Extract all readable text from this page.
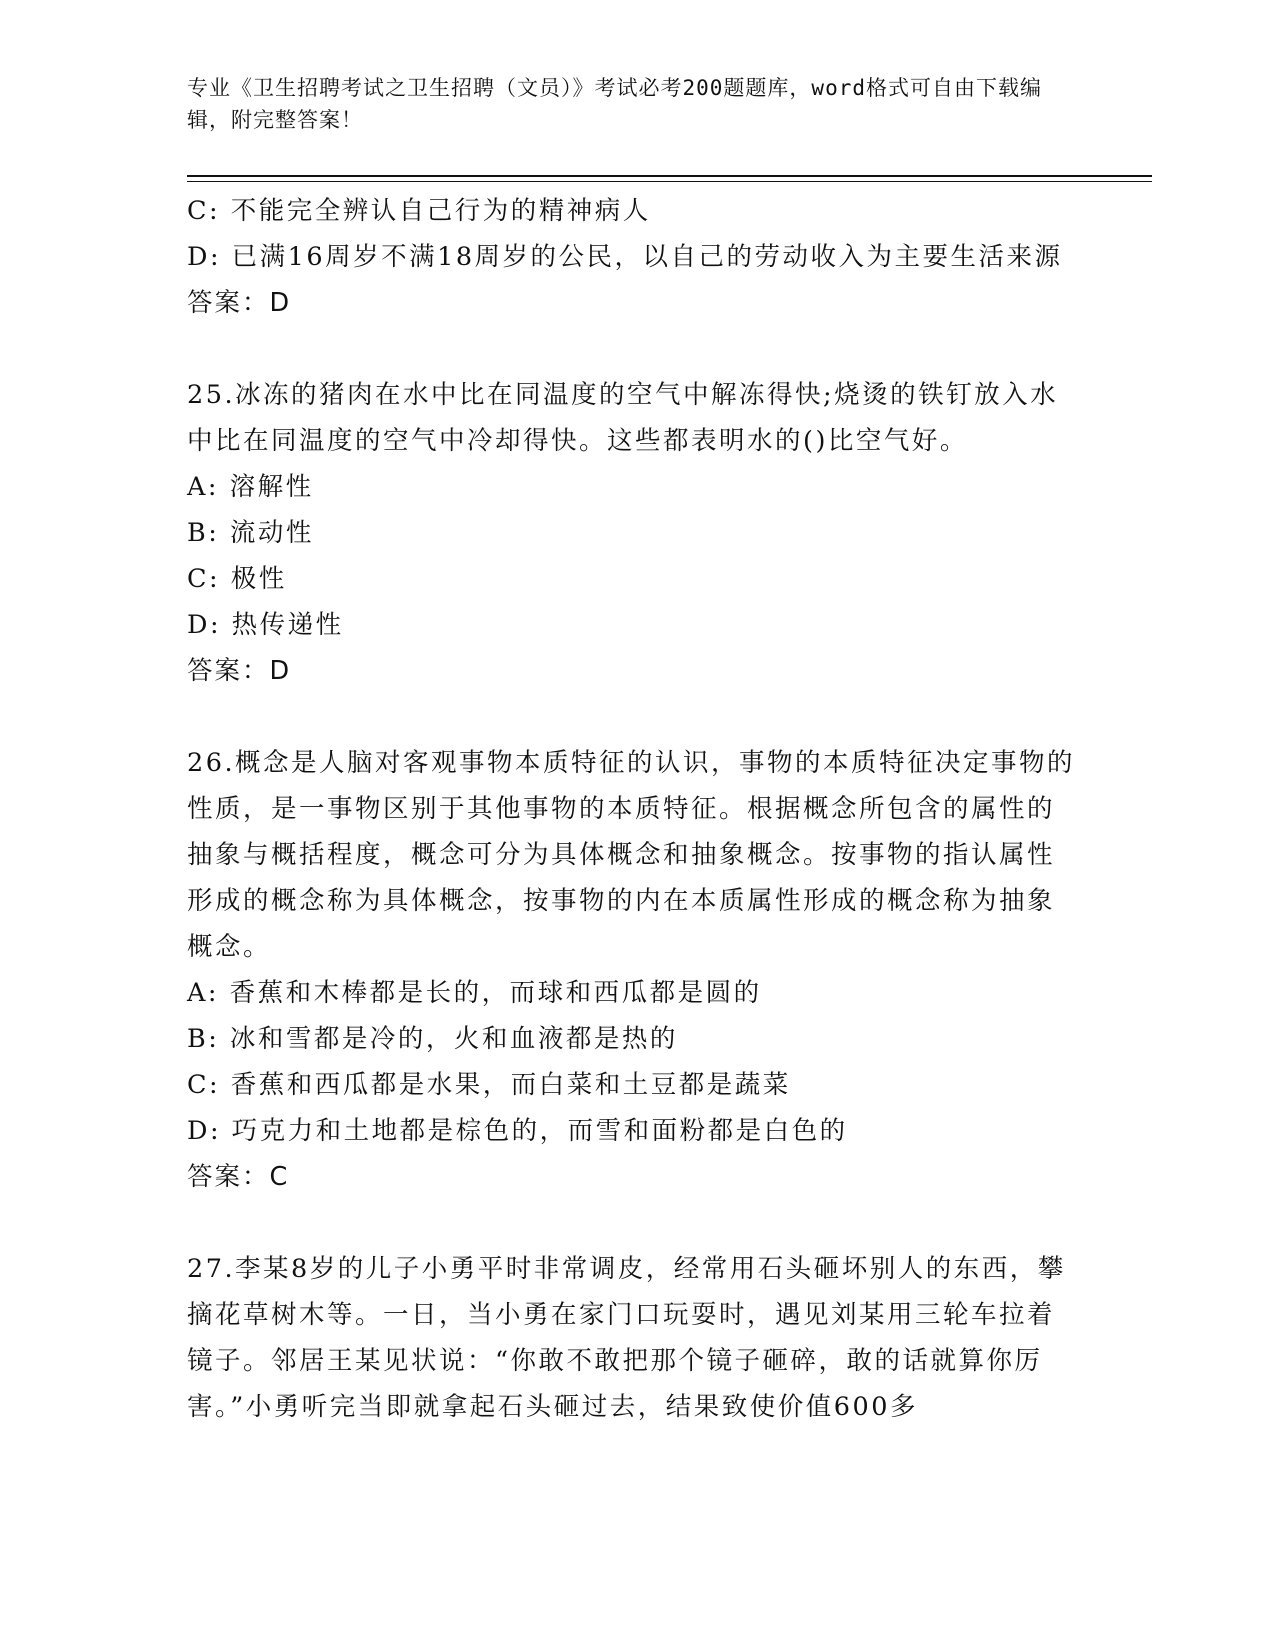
专业《卫生招聘考试之卫生招聘（文员）》考试必考200题题库，word格式可自由下载编辑，附完整答案！
C: 不能完全辨认自己行为的精神病人
D: 已满16周岁不满18周岁的公民，以自己的劳动收入为主要生活来源
答案：D
25.冰冻的猪肉在水中比在同温度的空气中解冻得快;烧烫的铁钉放入水中比在同温度的空气中冷却得快。这些都表明水的()比空气好。
A: 溶解性
B: 流动性
C: 极性
D: 热传递性
答案：D
26.概念是人脑对客观事物本质特征的认识，事物的本质特征决定事物的性质，是一事物区别于其他事物的本质特征。根据概念所包含的属性的抽象与概括程度，概念可分为具体概念和抽象概念。按事物的指认属性形成的概念称为具体概念，按事物的内在本质属性形成的概念称为抽象概念。
A: 香蕉和木棒都是长的，而球和西瓜都是圆的
B: 冰和雪都是冷的，火和血液都是热的
C: 香蕉和西瓜都是水果，而白菜和土豆都是蔬菜
D: 巧克力和土地都是棕色的，而雪和面粉都是白色的
答案：C
27.李某8岁的儿子小勇平时非常调皮，经常用石头砸坏别人的东西，攀摘花草树木等。一日，当小勇在家门口玩耍时，遇见刘某用三轮车拉着镜子。邻居王某见状说：“你敢不敢把那个镜子砸碎，敢的话就算你厉害。”小勇听完当即就拿起石头砸过去，结果致使价值600多
